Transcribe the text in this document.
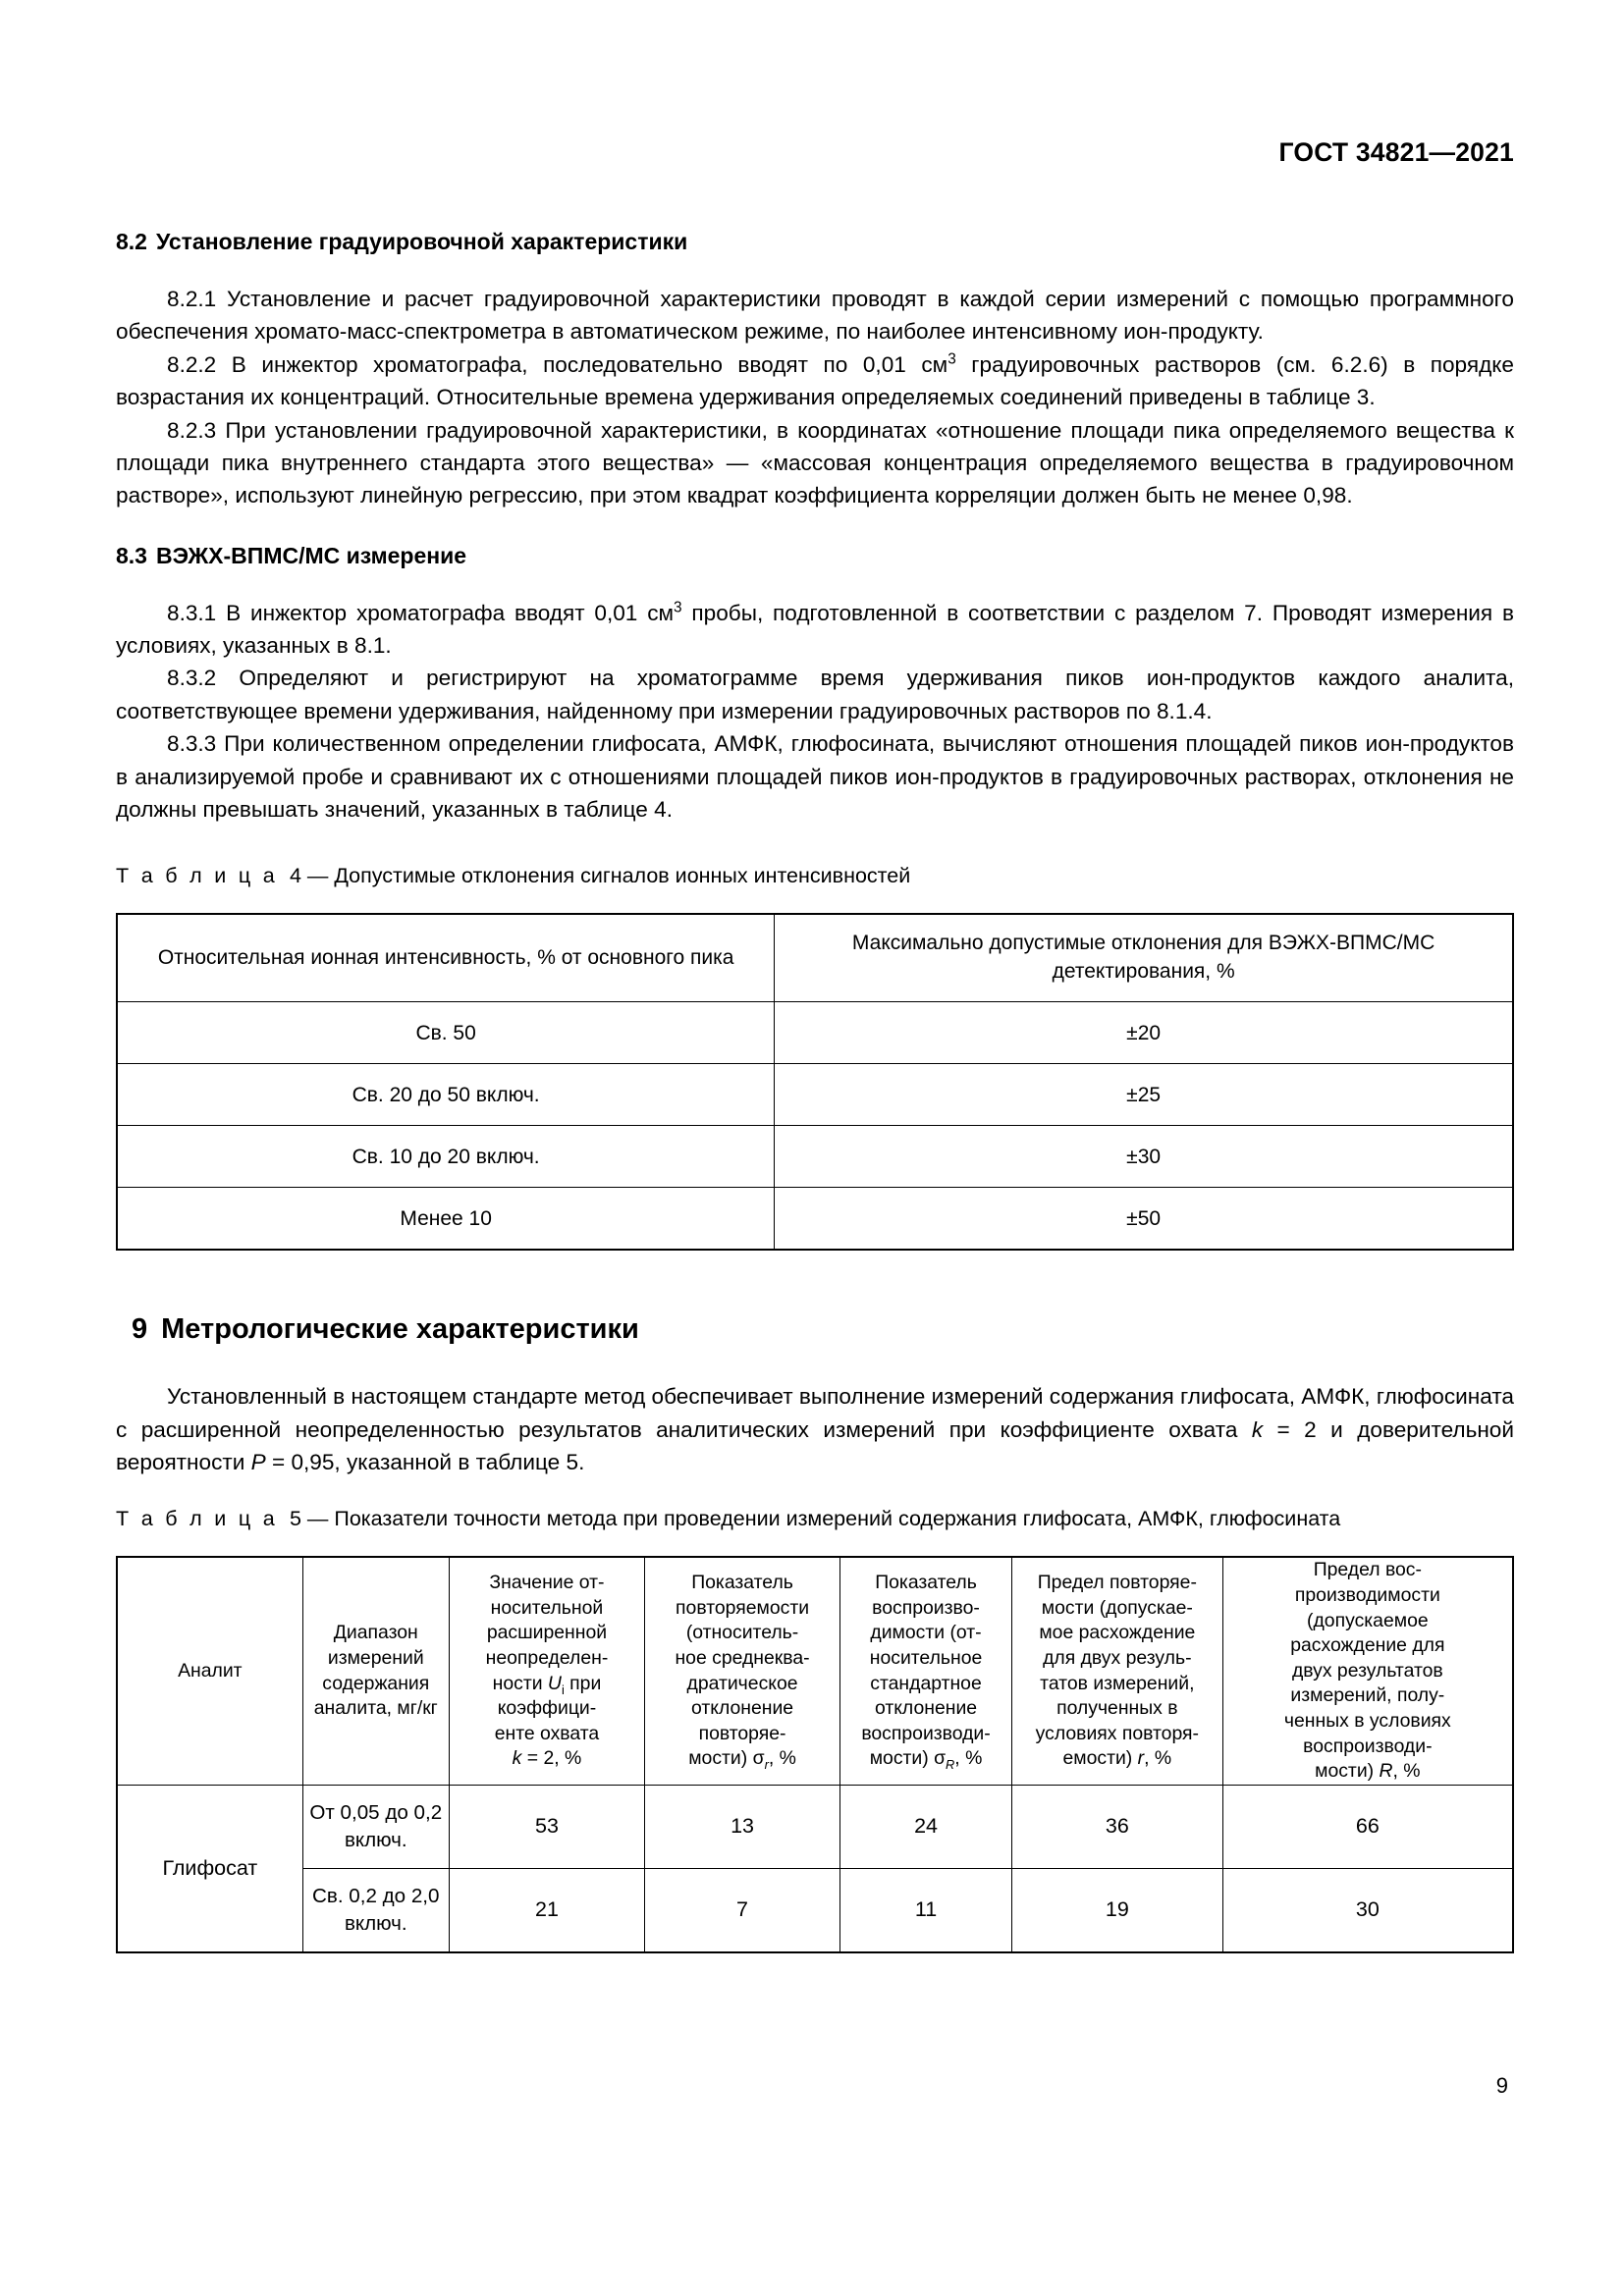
ГОСТ 34821—2021
8.2 Установление градуировочной характеристики

8.2.1 Установление и расчет градуировочной характеристики проводят в каждой серии измерений с помощью программного обеспечения хромато-масс-спектрометра в автоматическом режиме, по наиболее интенсивному ион-продукту.

8.2.2 В инжектор хроматографа, последовательно вводят по 0,01 $см^3$ градуировочных растворов (см. 6.2.6) в порядке возрастания их концентраций. Относительные времена удерживания определяемых соединений приведены в таблице 3.

8.2.3 При установлении градуировочной характеристики, в координатах «отношение площади пика определяемого вещества к площади пика внутреннего стандарта этого вещества» — «массовая концентрация определяемого вещества в градуировочном растворе», используют линейную регрессию, при этом квадрат коэффициента корреляции должен быть не менее 0,98.

8.3 ВЭЖХ-ВПМС/МС измерение

8.3.1 В инжектор хроматографа вводят 0,01 $см^3$ пробы, подготовленной в соответствии с разделом 7. Проводят измерения в условиях, указанных в 8.1.

8.3.2 Определяют и регистрируют на хроматограмме время удерживания пиков ион-продуктов каждого аналита, соответствующее времени удерживания, найденному при измерении градуировочных растворов по 8.1.4.

8.3.3 При количественном определении глифосата, АМФК, глюфосината, вычисляют отношения площадей пиков ион-продуктов в анализируемой пробе и сравнивают их с отношениями площадей пиков ион-продуктов в градуировочных растворах, отклонения не должны превышать значений, указанных в таблице 4.

Т а б л и ц а 4 — Допустимые отклонения сигналов ионных интенсивностей

Относительная ионная интенсивность, % от основного пика	Максимально допустимые отклонения для ВЭЖХ-ВПМС/МС детектирования, %
Св. 50	±20
Св. 20 до 50 включ.	±25
Св. 10 до 20 включ.	±30
Менее 10	±50
9 Метрологические характеристики

Установленный в настоящем стандарте метод обеспечивает выполнение измерений содержания глифосата, АМФК, глюфосината с расширенной неопределенностью результатов аналитических измерений при коэффициенте охвата k = 2 и доверительной вероятности P = 0,95, указанной в таблице 5.

Т а б л и ц а 5 — Показатели точности метода при проведении измерений содержания глифосата, АМФК, глюфосината

Аналит	Диапазон измерений содержания аналита, мг/кг	Значение от-
носительной
расширенной
неопределен-
ности $U_i$ при
коэффици-
енте охвата
k = 2, %	Показатель
повторяемости
(относитель-
ное среднеква-
дратическое
отклонение
повторяе-
мости) $\sigma_r$, %	Показатель
воспроизво-
димости (от-
носительное
стандартное
отклонение
воспроизводи-
мости) $\sigma_R$, %	Предел повторяе-
мости (допускае-
мое расхождение
для двух резуль-
татов измерений,
полученных в
условиях повторя-
емости) r, %	Предел вос-
производимости
(допускаемое
расхождение для
двух результатов
измерений, полу-
ченных в условиях
воспроизводи-
мости) R, %
Глифосат	От 0,05 до 0,2 включ.	53	13	24	36	66
	Св. 0,2 до 2,0 включ.	21	7	11	19	30
9
